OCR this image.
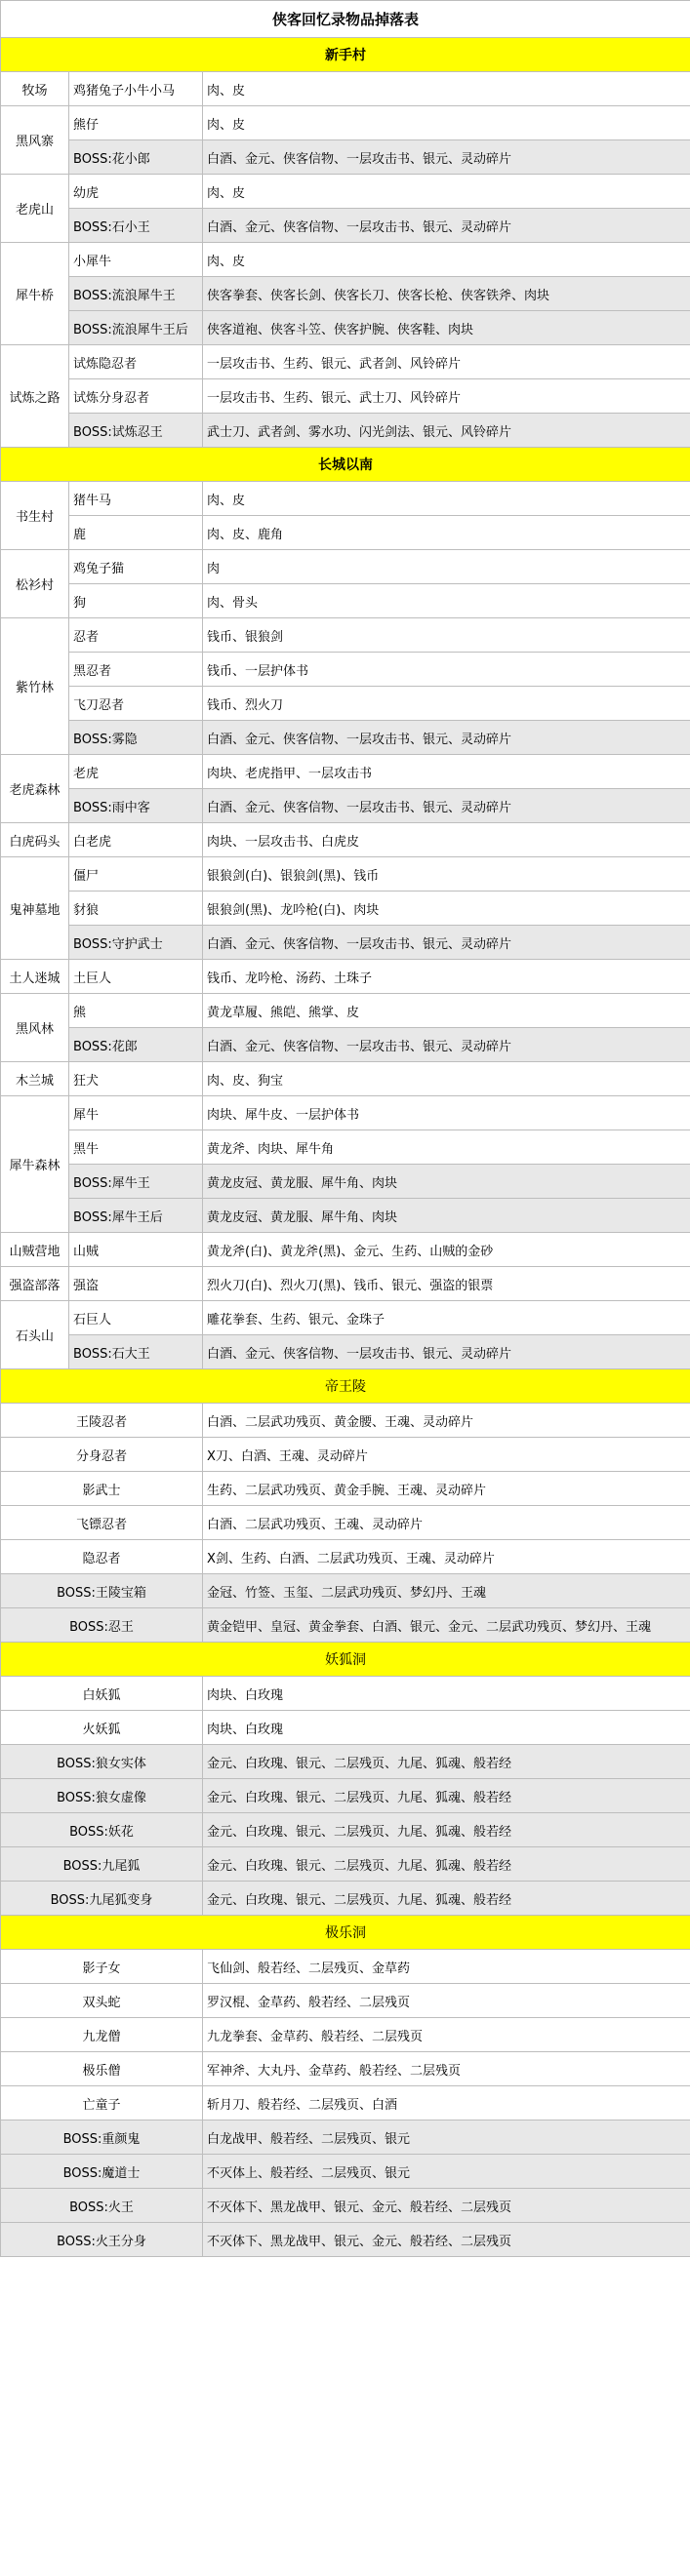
侠客回忆录物品掉落表		
新手村		
牧场	鸡猪兔子小牛小马	肉、皮
黑风寨	熊仔	肉、皮
	BOSS:花小郎	白酒、金元、侠客信物、一层攻击书、银元、灵动碎片
老虎山	幼虎	肉、皮
	BOSS:石小王	白酒、金元、侠客信物、一层攻击书、银元、灵动碎片
犀牛桥	小犀牛	肉、皮
	BOSS:流浪犀牛王	侠客拳套、侠客长剑、侠客长刀、侠客长枪、侠客铁斧、肉块
	BOSS:流浪犀牛王后	侠客道袍、侠客斗笠、侠客护腕、侠客鞋、肉块
试炼之路	试炼隐忍者	一层攻击书、生药、银元、武者剑、风铃碎片
	试炼分身忍者	一层攻击书、生药、银元、武士刀、风铃碎片
	BOSS:试炼忍王	武士刀、武者剑、雾水功、闪光剑法、银元、风铃碎片
长城以南		
书生村	猪牛马	肉、皮
	鹿	肉、皮、鹿角
松衫村	鸡兔子猫	肉
	狗	肉、骨头
紫竹林	忍者	钱币、银狼剑
	黑忍者	钱币、一层护体书
	飞刀忍者	钱币、烈火刀
	BOSS:雾隐	白酒、金元、侠客信物、一层攻击书、银元、灵动碎片
老虎森林	老虎	肉块、老虎指甲、一层攻击书
	BOSS:雨中客	白酒、金元、侠客信物、一层攻击书、银元、灵动碎片
白虎码头	白老虎	肉块、一层攻击书、白虎皮
鬼神墓地	僵尸	银狼剑(白)、银狼剑(黑)、钱币
	豺狼	银狼剑(黑)、龙吟枪(白)、肉块
	BOSS:守护武士	白酒、金元、侠客信物、一层攻击书、银元、灵动碎片
土人迷城	土巨人	钱币、龙吟枪、汤药、土珠子
黑风林	熊	黄龙草履、熊皑、熊掌、皮
	BOSS:花郎	白酒、金元、侠客信物、一层攻击书、银元、灵动碎片
木兰城	狂犬	肉、皮、狗宝
犀牛森林	犀牛	肉块、犀牛皮、一层护体书
	黑牛	黄龙斧、肉块、犀牛角
	BOSS:犀牛王	黄龙皮冠、黄龙服、犀牛角、肉块
	BOSS:犀牛王后	黄龙皮冠、黄龙服、犀牛角、肉块
山贼营地	山贼	黄龙斧(白)、黄龙斧(黑)、金元、生药、山贼的金砂
强盗部落	强盗	烈火刀(白)、烈火刀(黑)、钱币、银元、强盗的银票
石头山	石巨人	雕花拳套、生药、银元、金珠子
	BOSS:石大王	白酒、金元、侠客信物、一层攻击书、银元、灵动碎片
帝王陵		
王陵忍者		白酒、二层武功残页、黄金腰、王魂、灵动碎片
分身忍者		X刀、白酒、王魂、灵动碎片
影武士		生药、二层武功残页、黄金手腕、王魂、灵动碎片
飞镖忍者		白酒、二层武功残页、王魂、灵动碎片
隐忍者		X剑、生药、白酒、二层武功残页、王魂、灵动碎片
BOSS:王陵宝箱		金冠、竹签、玉玺、二层武功残页、梦幻丹、王魂
BOSS:忍王		黄金铠甲、皇冠、黄金拳套、白酒、银元、金元、二层武功残页、梦幻丹、王魂
妖狐洞		
白妖狐		肉块、白玫瑰
火妖狐		肉块、白玫瑰
BOSS:狼女实体		金元、白玫瑰、银元、二层残页、九尾、狐魂、般若经
BOSS:狼女虚像		金元、白玫瑰、银元、二层残页、九尾、狐魂、般若经
BOSS:妖花		金元、白玫瑰、银元、二层残页、九尾、狐魂、般若经
BOSS:九尾狐		金元、白玫瑰、银元、二层残页、九尾、狐魂、般若经
BOSS:九尾狐变身		金元、白玫瑰、银元、二层残页、九尾、狐魂、般若经
极乐洞		
影子女		飞仙剑、般若经、二层残页、金草药
双头蛇		罗汉棍、金草药、般若经、二层残页
九龙僧		九龙拳套、金草药、般若经、二层残页
极乐僧		军神斧、大丸丹、金草药、般若经、二层残页
亡童子		斩月刀、般若经、二层残页、白酒
BOSS:重颜鬼		白龙战甲、般若经、二层残页、银元
BOSS:魔道士		不灭体上、般若经、二层残页、银元
BOSS:火王		不灭体下、黑龙战甲、银元、金元、般若经、二层残页
BOSS:火王分身		不灭体下、黑龙战甲、银元、金元、般若经、二层残页
